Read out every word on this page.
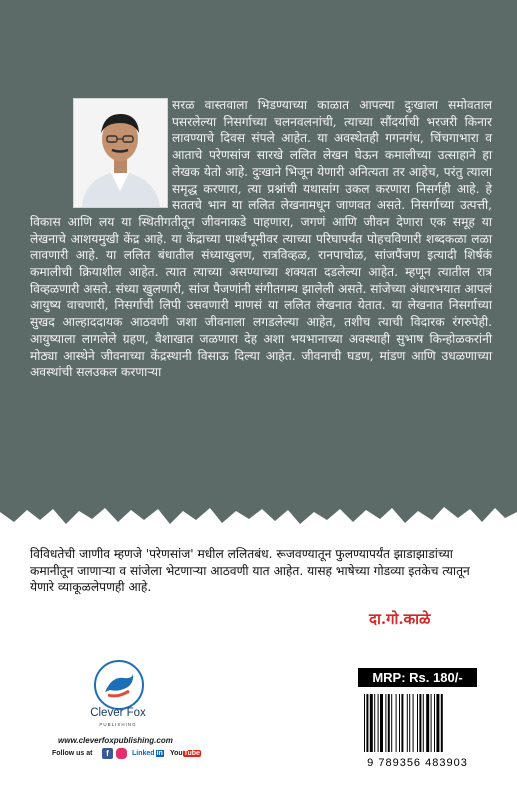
सरळ वास्तवाला भिडण्याच्या काळात आपल्या दुःखाला समोवताल पसरलेल्या निसर्गाच्या चलनवलनांची, त्याच्या सौंदर्याची भरजरी किनार लावण्याचे दिवस संपले आहेत. या अवस्थेतही गगनगंध, चिंचगाभारा व आताचे परेणसांज सारखे ललित लेखन घेऊन कमालीच्या उत्साहाने हा लेखक येतो आहे. दुःखाने भिजून येणारी अनित्यता तर आहेच, परंतु त्याला समृद्ध करणारा, त्या प्रश्नांची यथासांग उकल करणारा निसर्गही आहे. हे सततचे भान या ललित लेखनामधून जाणवत असते. निसर्गाच्या उत्पत्ती, विकास आणि लय या स्थितीगतीतून जीवनाकडे पाहणारा, जगणं आणि जीवन देणारा एक समूह या लेखनाचे आशयमुखी केंद्र आहे. या केंद्राच्या पार्श्वभूमीवर त्याच्या परिघापर्यंत पोहचविणारी शब्दकळा लळा लावणारी आहे. या ललित बंधातील संध्याखुलण, रात्रविव्हळ, रानपाचोळ, सांजपैंजण इत्यादी शिर्षकं कमालीची क्रियाशील आहेत. त्यात त्याच्या असण्याच्या शक्यता दडलेल्या आहेत. म्हणून त्यातील रात्र विव्हळणारी असते. संध्या खुलणारी, सांज पैजणांनी संगीतगम्य झालेली असते. सांजेच्या अंधारभयात आपलं आयुष्य वाचणारी, निसर्गाची लिपी उसवणारी माणसं या ललित लेखनात येतात. या लेखनात निसर्गाच्या सुखद आल्हाददायक आठवणी जशा जीवनाला लगडलेल्या आहेत, तशीच त्याची विदारक रंगरुपेही. आयुष्याला लागलेले ग्रहण, वैशाखात जळणारा देह अशा भयभानाच्या अवस्थाही सुभाष किन्होळकरांनी मोठ्या आस्थेने जीवनाच्या केंद्रस्थानी विसाऊ दिल्या आहेत. जीवनाची घडण, मांडण आणि उधळणाच्या अवस्थांची सलउकल करणाऱ्या
विविधतेची जाणीव म्हणजे 'परेणसांज' मधील ललितबंध. रूजवण्यातून फुलण्यापर्यंत झाडाझाडांच्या कमानीतून जाणाऱ्या व सांजेला भेटणाऱ्या आठवणी यात आहेत. यासह भाषेच्या गोडव्या इतकेच त्यातून येणारे व्याकूळलेपणही आहे.
दा.गो.काळे
Clever Fox
PUBLISHING
www.cleverfoxpublishing.com
Follow us at	f	Linked in YouTube
MRP: Rs. 180/-
9 789356 483903
